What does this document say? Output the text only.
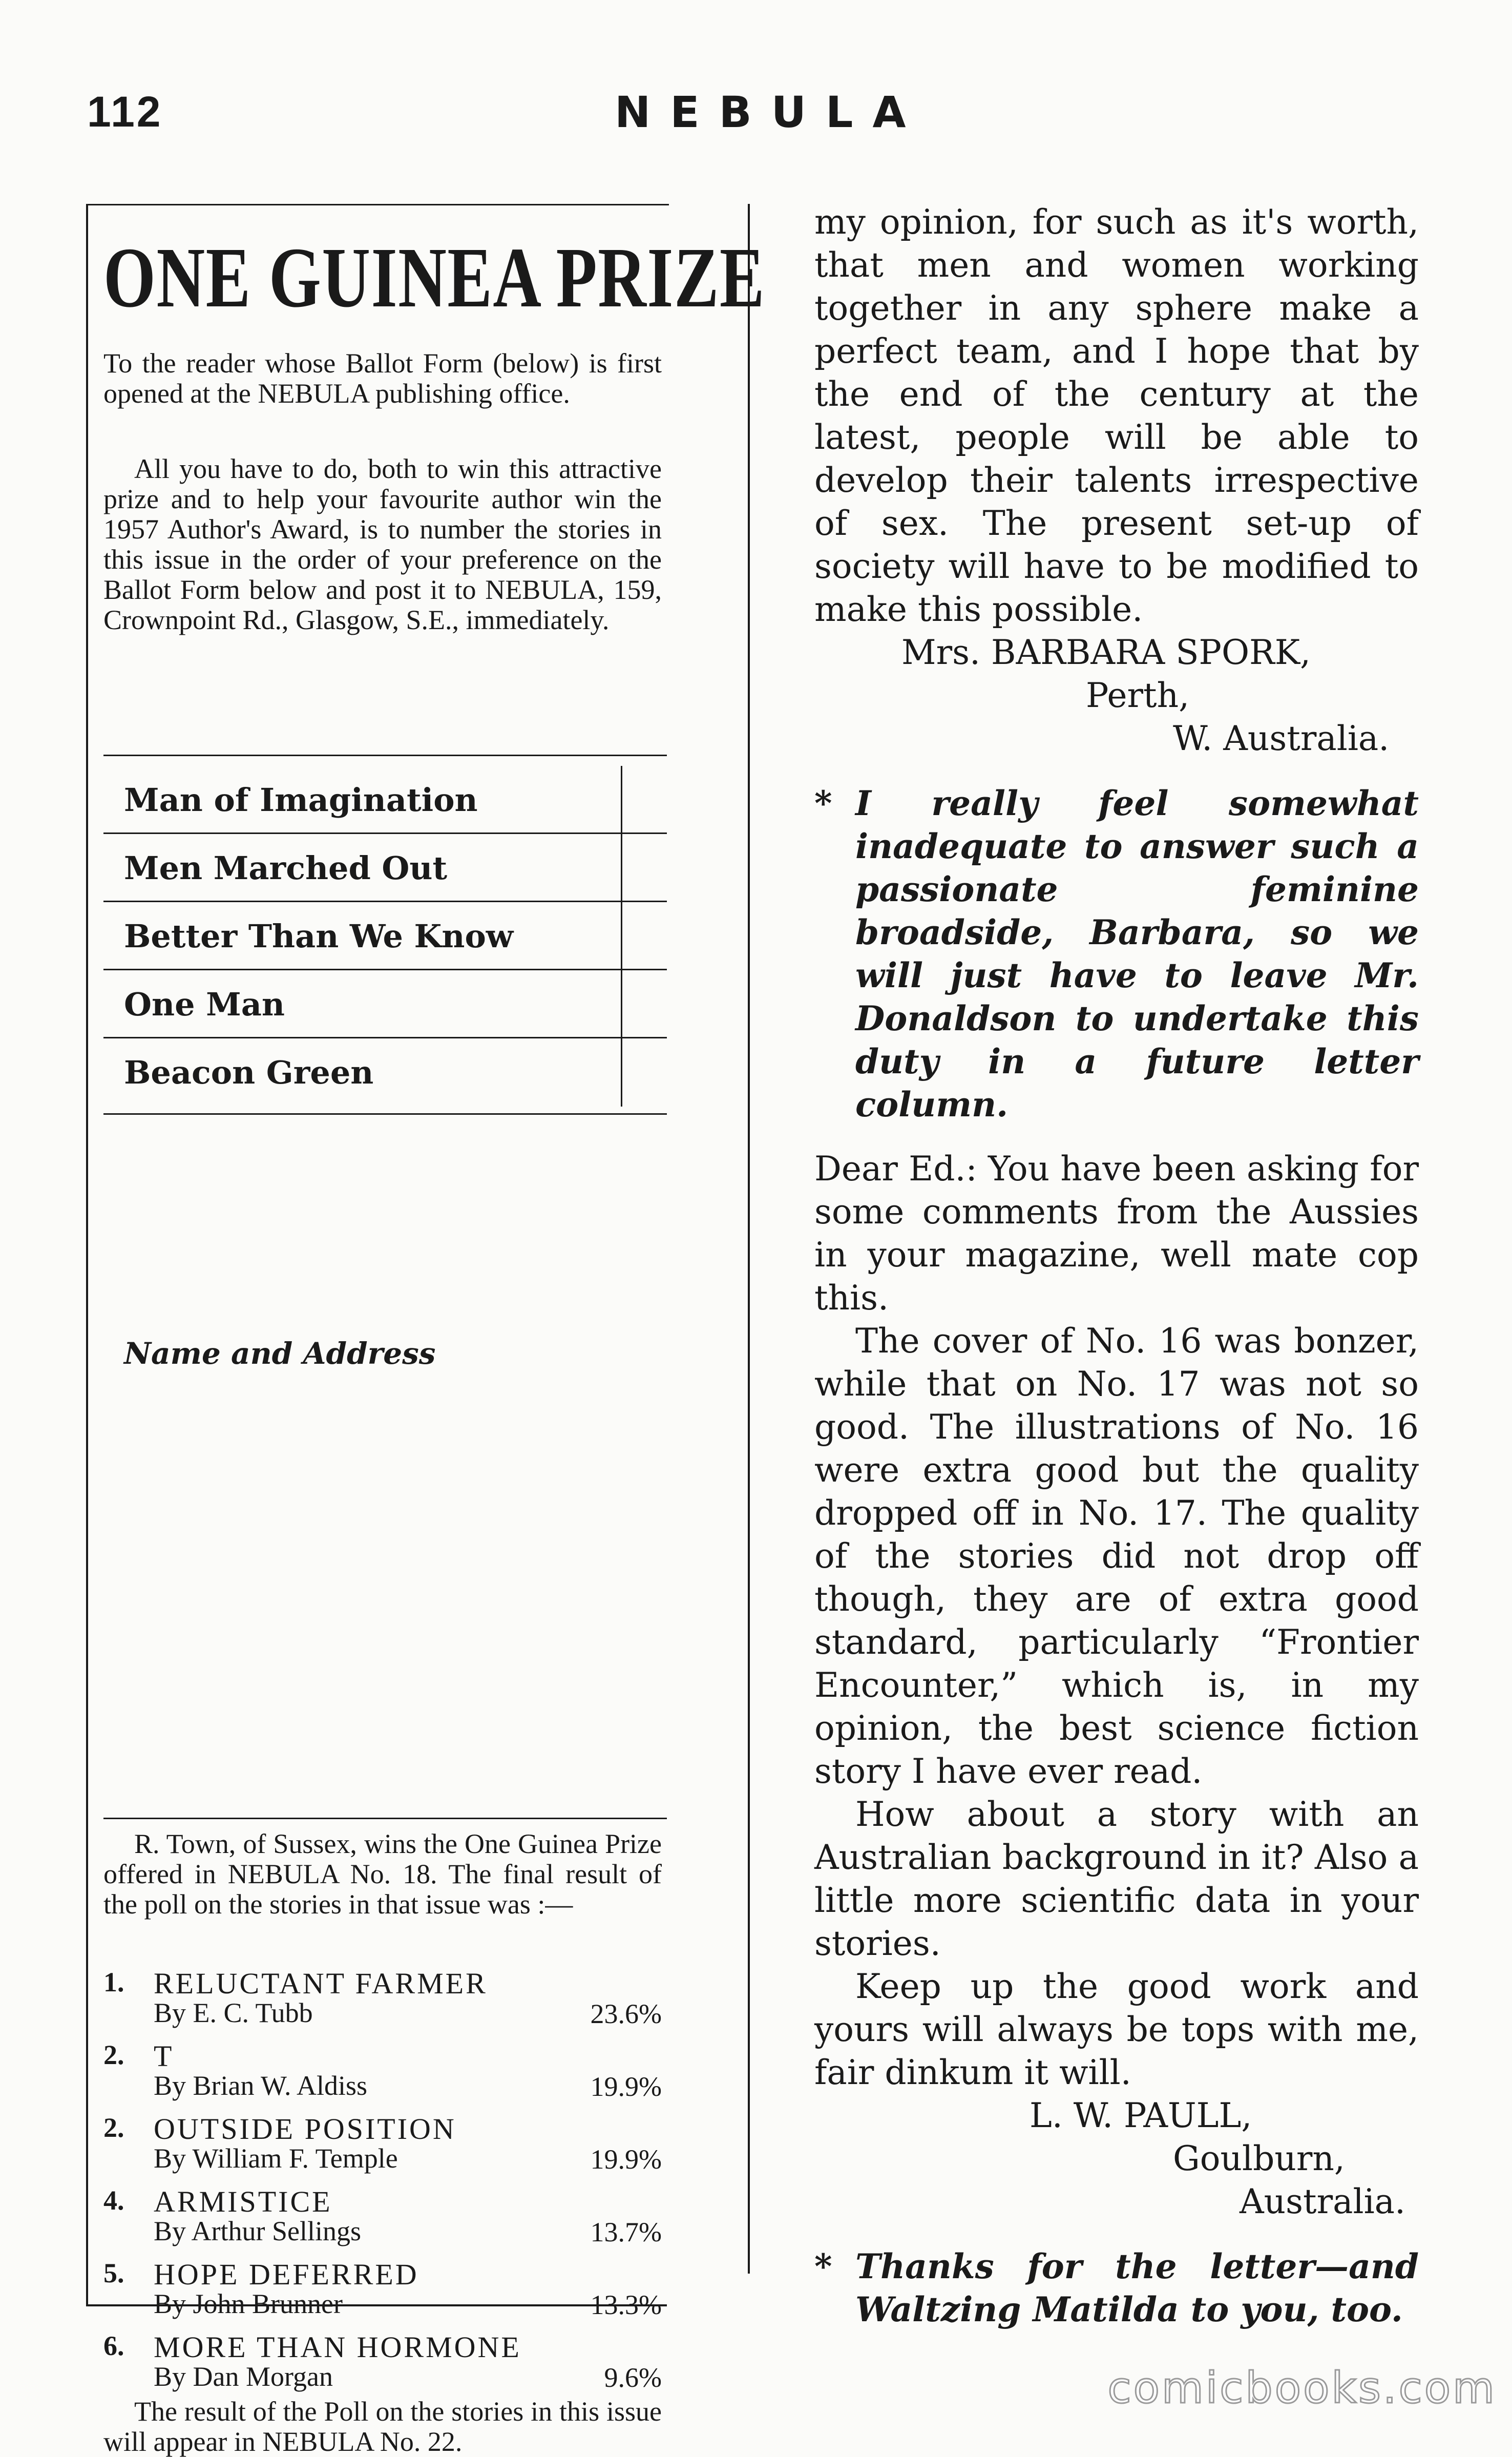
112	NEBULA
ONE GUINEA PRIZE

To the reader whose Ballot Form (below) is first opened at the NEBULA publishing office.

All you have to do, both to win this attractive prize and to help your favourite author win the 1957 Author's Award, is to number the stories in this issue in the order of your preference on the Ballot Form below and post it to NEBULA, 159, Crownpoint Rd., Glasgow, S.E., immediately.

Man of Imagination
Men Marched Out
Better Than We Know
One Man
Beacon Green

Name and Address

R. Town, of Sussex, wins the One Guinea Prize offered in NEBULA No. 18. The final result of the poll on the stories in that issue was :—

1. RELUCTANT FARMER
By E. C. Tubb	23.6%
2. T
By Brian W. Aldiss	19.9%
2. OUTSIDE POSITION
By William F. Temple	19.9%
4. ARMISTICE
By Arthur Sellings	13.7%
5. HOPE DEFERRED
By John Brunner	13.3%
6. MORE THAN HORMONE
By Dan Morgan	9.6%

The result of the Poll on the stories in this issue will appear in NEBULA No. 22.

my opinion, for such as it's worth, that men and women working together in any sphere make a perfect team, and I hope that by the end of the century at the latest, people will be able to develop their talents irrespective of sex. The present set-up of society will have to be modified to make this possible.

Mrs. BARBARA SPORK,

Perth,

W. Australia.

* I really feel somewhat inadequate to answer such a passionate feminine broadside, Barbara, so we will just have to leave Mr. Donaldson to undertake this duty in a future letter column.

Dear Ed.: You have been asking for some comments from the Aussies in your magazine, well mate cop this.

The cover of No. 16 was bonzer, while that on No. 17 was not so good. The illustrations of No. 16 were extra good but the quality dropped off in No. 17. The quality of the stories did not drop off though, they are of extra good standard, particularly “Frontier Encounter,” which is, in my opinion, the best science fiction story I have ever read.

How about a story with an Australian background in it? Also a little more scientific data in your stories.

Keep up the good work and yours will always be tops with me, fair dinkum it will.

L. W. PAULL,

Goulburn,

Australia.

* Thanks for the letter—and Waltzing Matilda to you, too.

comicbooks.com
